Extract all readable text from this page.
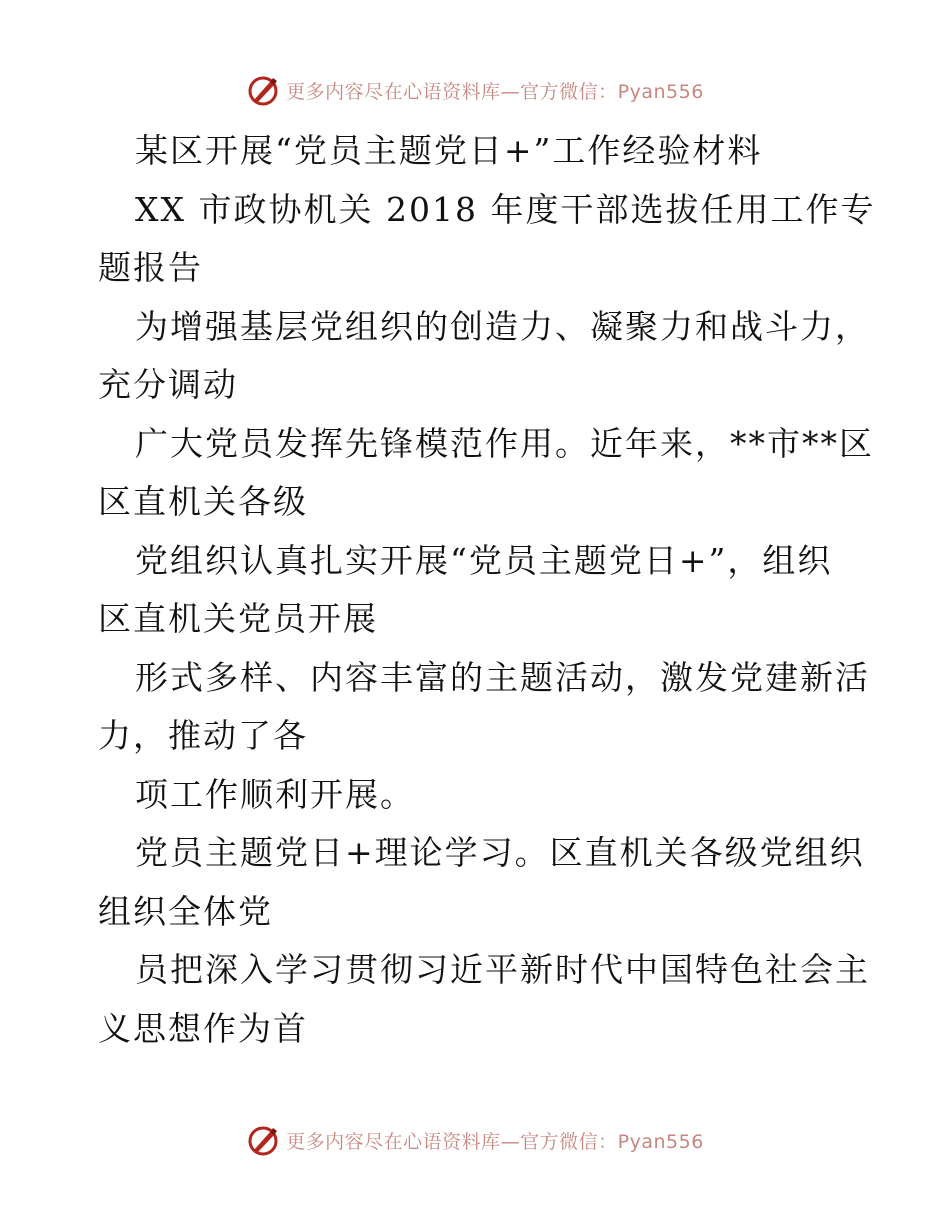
更多内容尽在心语资料库—官方微信：Pyan556
某区开展“党员主题党日+”工作经验材料
XX 市政协机关 2018 年度干部选拔任用工作专
题报告
为增强基层党组织的创造力、凝聚力和战斗力，
充分调动
广大党员发挥先锋模范作用。近年来，**市**区
区直机关各级
党组织认真扎实开展“党员主题党日+”，组织
区直机关党员开展
形式多样、内容丰富的主题活动，激发党建新活
力，推动了各
项工作顺利开展。
党员主题党日+理论学习。区直机关各级党组织
组织全体党
员把深入学习贯彻习近平新时代中国特色社会主
义思想作为首
更多内容尽在心语资料库—官方微信：Pyan556
